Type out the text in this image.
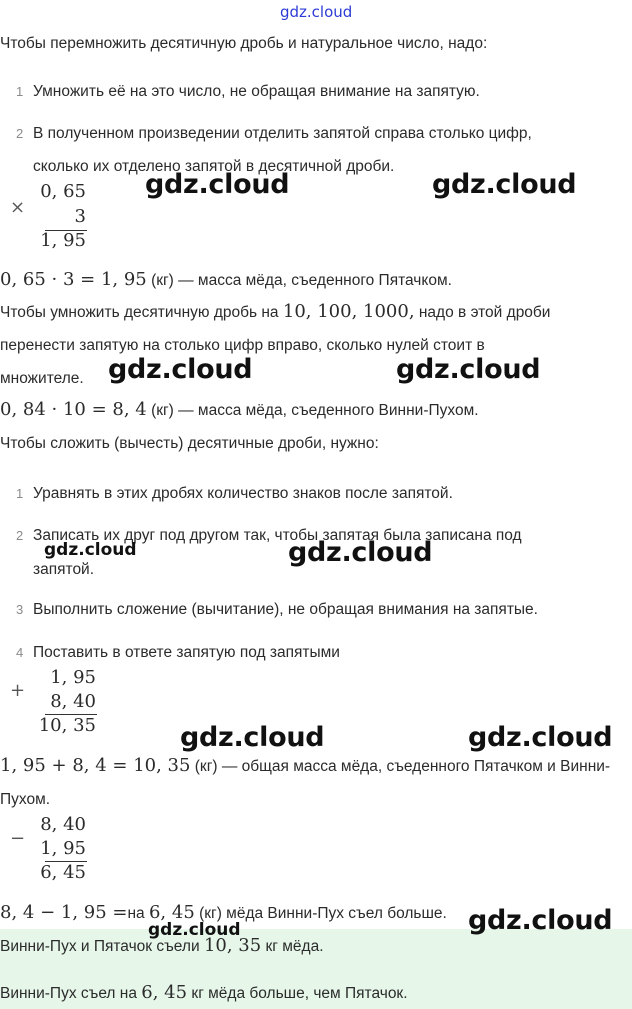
gdz.cloud
Чтобы перемножить десятичную дробь и натуральное число, надо:
1 Умножить её на это число, не обращая внимание на запятую.
2 В полученном произведении отделить запятой справа столько цифр,
сколько их отделено запятой в десятичной дроби.
×
0, 65
3
1, 95
gdz.cloud	gdz.cloud
0, 65 · 3 = 1, 95 (кг) — масса мёда, съеденного Пятачком.
Чтобы умножить десятичную дробь на 10, 100, 1000, надо в этой дроби
перенести запятую на столько цифр вправо, сколько нулей стоит в
множителе. gdz.cloud	gdz.cloud
0, 84 · 10 = 8, 4 (кг) — масса мёда, съеденного Винни-Пухом.
Чтобы сложить (вычесть) десятичные дроби, нужно:
1 Уравнять в этих дробях количество знаков после запятой.
2 Записать их друг под другом так, чтобы запятая была записана под
запятой.
gdz.cloud	gdz.cloud
3 Выполнить сложение (вычитание), не обращая внимания на запятые.
4 Поставить в ответе запятую под запятыми
+
1, 95
8, 40
10, 35	gdz.cloud	gdz.cloud
1, 95 + 8, 4 = 10, 35 (кг) — общая масса мёда, съеденного Пятачком и Винни-
Пухом.
−
8, 40
1, 95
6, 45
8, 4 − 1, 95 =на 6, 45 (кг) мёда Винни-Пух съел больше.
gdz.cloud	gdz.cloud
Винни-Пух и Пятачок съели 10, 35 кг мёда.
Винни-Пух съел на 6, 45 кг мёда больше, чем Пятачок.
